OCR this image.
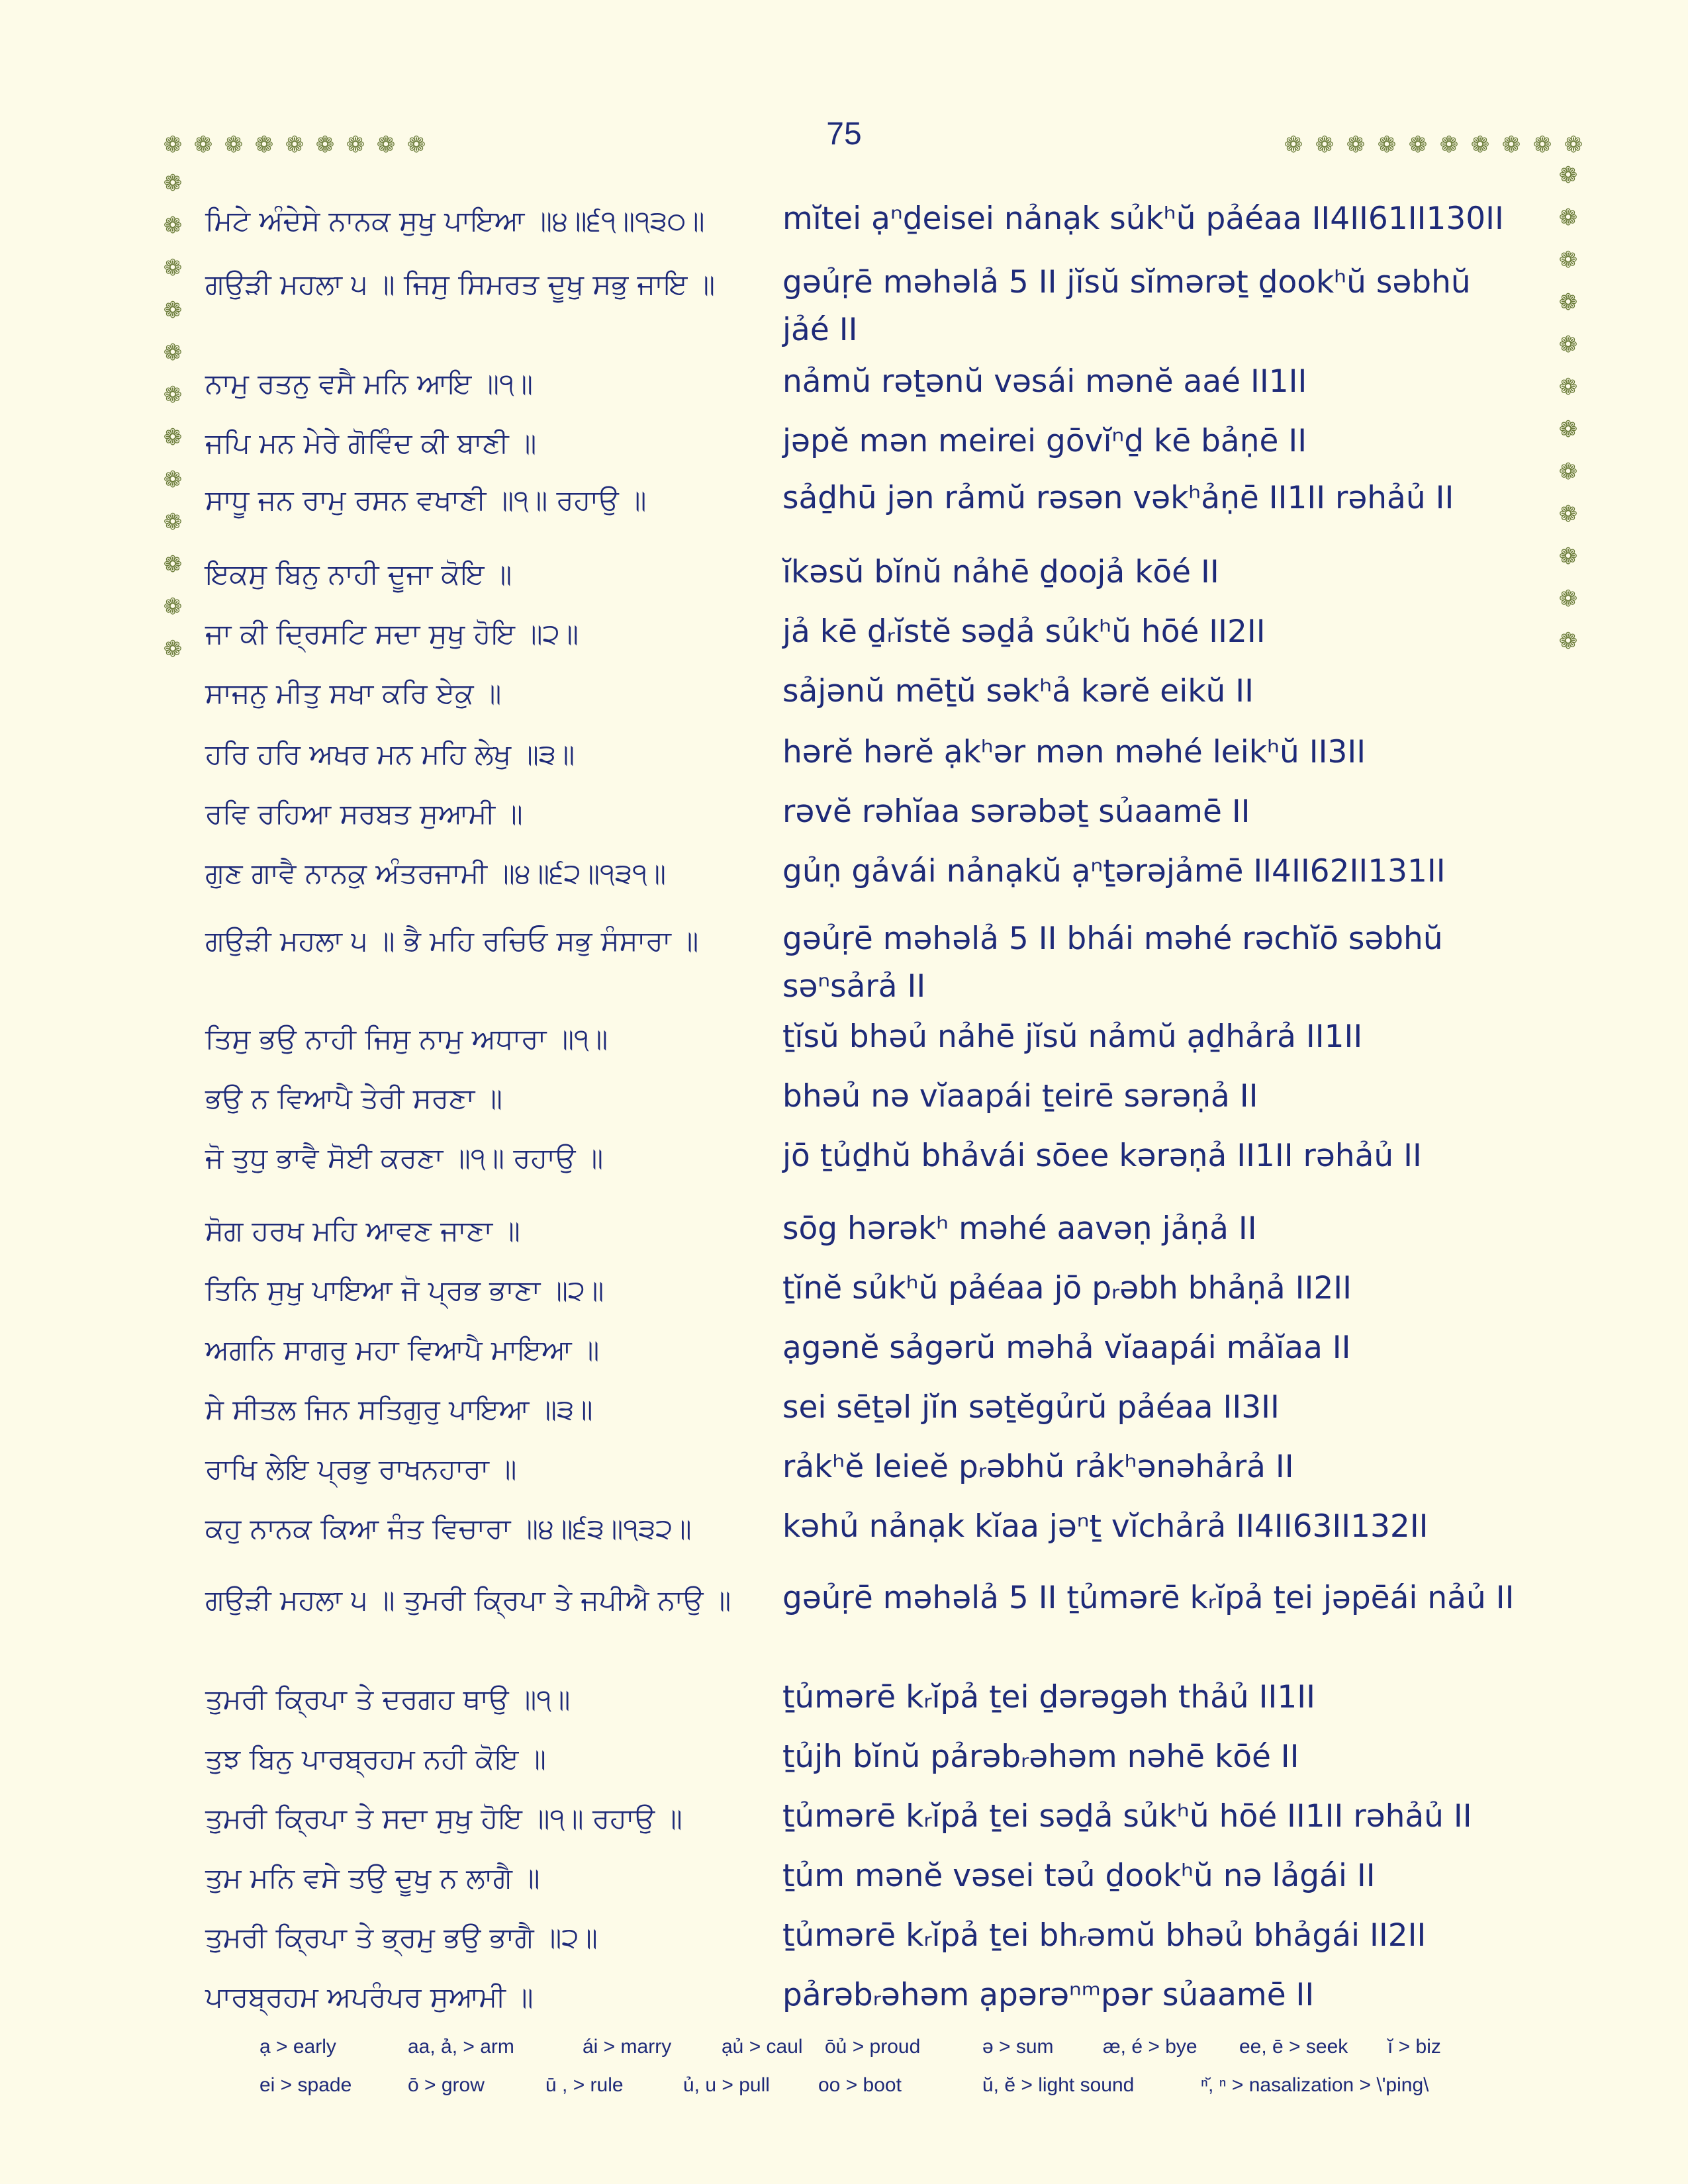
75
❁ ❁ ❁ ❁ ❁ ❁ ❁ ❁ ❁	❁ ❁ ❁ ❁ ❁ ❁ ❁ ❁ ❁ ❁
❁
❁
❁
❁
❁
❁
❁
❁
❁
❁
❁
❁
❁
❁
❁
❁
❁
❁
❁
❁
❁
❁
❁
❁
ਮਿਟੇ ਅੰਦੇਸੇ ਨਾਨਕ ਸੁਖੁ ਪਾਇਆ ॥੪॥੬੧॥੧੩੦॥	mĭtei ạⁿḏeisei nảnạk sủkʰŭ pảéaa II4II61II130II
ਗਉੜੀ ਮਹਲਾ ੫ ॥ ਜਿਸੁ ਸਿਮਰਤ ਦੂਖੁ ਸਭੁ ਜਾਇ ॥	gəủṛē məhəlả 5 II jĭsŭ sĭmərəṯ ḏookʰŭ səbhŭ jảé II
ਨਾਮੁ ਰਤਨੁ ਵਸੈ ਮਨਿ ਆਇ ॥੧॥	nảmŭ rəṯənŭ vəsái mənĕ aaé II1II
ਜਪਿ ਮਨ ਮੇਰੇ ਗੋਵਿੰਦ ਕੀ ਬਾਣੀ ॥	jəpĕ mən meirei gōvĭⁿḏ kē bảṇē II
ਸਾਧੂ ਜਨ ਰਾਮੁ ਰਸਨ ਵਖਾਣੀ ॥੧॥ ਰਹਾਉ ॥	sảḏhū jən rảmŭ rəsən vəkʰảṇē II1II rəhảủ II
ਇਕਸੁ ਬਿਨੁ ਨਾਹੀ ਦੂਜਾ ਕੋਇ ॥	ĭkəsŭ bĭnŭ nảhē ḏoojả kōé II
ਜਾ ਕੀ ਦ੍ਰਿਸਟਿ ਸਦਾ ਸੁਖੁ ਹੋਇ ॥੨॥	jả kē ḏᵣĭstĕ səḏả sủkʰŭ hōé II2II
ਸਾਜਨੁ ਮੀਤੁ ਸਖਾ ਕਰਿ ਏਕੁ ॥	sảjənŭ mēṯŭ səkʰả kərĕ eikŭ II
ਹਰਿ ਹਰਿ ਅਖਰ ਮਨ ਮਹਿ ਲੇਖੁ ॥੩॥	hərĕ hərĕ ạkʰər mən məhé leikʰŭ II3II
ਰਵਿ ਰਹਿਆ ਸਰਬਤ ਸੁਆਮੀ ॥	rəvĕ rəhĭaa sərəbəṯ sủaamē II
ਗੁਣ ਗਾਵੈ ਨਾਨਕੁ ਅੰਤਰਜਾਮੀ ॥੪॥੬੨॥੧੩੧॥	gủṇ gảvái nảnạkŭ ạⁿṯərəjảmē II4II62II131II
ਗਉੜੀ ਮਹਲਾ ੫ ॥ ਭੈ ਮਹਿ ਰਚਿਓ ਸਭੁ ਸੰਸਾਰਾ ॥	gəủṛē məhəlả 5 II bhái məhé rəchĭō səbhŭ səⁿsảrả II
ਤਿਸੁ ਭਉ ਨਾਹੀ ਜਿਸੁ ਨਾਮੁ ਅਧਾਰਾ ॥੧॥	ṯĭsŭ bhəủ nảhē jĭsŭ nảmŭ ạḏhảrả II1II
ਭਉ ਨ ਵਿਆਪੈ ਤੇਰੀ ਸਰਣਾ ॥	bhəủ nə vĭaapái ṯeirē sərəṇả II
ਜੋ ਤੁਧੁ ਭਾਵੈ ਸੋਈ ਕਰਣਾ ॥੧॥ ਰਹਾਉ ॥	jō ṯủḏhŭ bhảvái sōee kərəṇả II1II rəhảủ II
ਸੋਗ ਹਰਖ ਮਹਿ ਆਵਣ ਜਾਣਾ ॥	sōg hərəkʰ məhé aavəṇ jảṇả II
ਤਿਨਿ ਸੁਖੁ ਪਾਇਆ ਜੋ ਪ੍ਰਭ ਭਾਣਾ ॥੨॥	ṯĭnĕ sủkʰŭ pảéaa jō pᵣəbh bhảṇả II2II
ਅਗਨਿ ਸਾਗਰੁ ਮਹਾ ਵਿਆਪੈ ਮਾਇਆ ॥	ạgənĕ sảgərŭ məhả vĭaapái mảĭaa II
ਸੇ ਸੀਤਲ ਜਿਨ ਸਤਿਗੁਰੁ ਪਾਇਆ ॥੩॥	sei sēṯəl jĭn səṯĕgủrŭ pảéaa II3II
ਰਾਖਿ ਲੇਇ ਪ੍ਰਭੁ ਰਾਖਨਹਾਰਾ ॥	rảkʰĕ leieĕ pᵣəbhŭ rảkʰənəhảrả II
ਕਹੁ ਨਾਨਕ ਕਿਆ ਜੰਤ ਵਿਚਾਰਾ ॥੪॥੬੩॥੧੩੨॥	kəhủ nảnạk kĭaa jəⁿṯ vĭchảrả II4II63II132II
ਗਉੜੀ ਮਹਲਾ ੫ ॥ ਤੁਮਰੀ ਕ੍ਰਿਪਾ ਤੇ ਜਪੀਐ ਨਾਉ ॥	gəủṛē məhəlả 5 II ṯủmərē kᵣĭpả ṯei jəpēái nảủ II
ਤੁਮਰੀ ਕ੍ਰਿਪਾ ਤੇ ਦਰਗਹ ਥਾਉ ॥੧॥	ṯủmərē kᵣĭpả ṯei ḏərəgəh thảủ II1II
ਤੁਝ ਬਿਨੁ ਪਾਰਬ੍ਰਹਮ ਨਹੀ ਕੋਇ ॥	ṯủjh bĭnŭ pảrəbᵣəhəm nəhē kōé II
ਤੁਮਰੀ ਕ੍ਰਿਪਾ ਤੇ ਸਦਾ ਸੁਖੁ ਹੋਇ ॥੧॥ ਰਹਾਉ ॥	ṯủmərē kᵣĭpả ṯei səḏả sủkʰŭ hōé II1II rəhảủ II
ਤੁਮ ਮਨਿ ਵਸੇ ਤਉ ਦੂਖੁ ਨ ਲਾਗੈ ॥	ṯủm mənĕ vəsei təủ ḏookʰŭ nə lảgái II
ਤੁਮਰੀ ਕ੍ਰਿਪਾ ਤੇ ਭ੍ਰਮੁ ਭਉ ਭਾਗੈ ॥੨॥	ṯủmərē kᵣĭpả ṯei bhᵣəmŭ bhəủ bhảgái II2II
ਪਾਰਬ੍ਰਹਮ ਅਪਰੰਪਰ ਸੁਆਮੀ ॥	pảrəbᵣəhəm ạpərəⁿᵐpər sủaamē II
ạ > early	aa, ả, > arm	ái > marry	ạủ > caul ōủ > proud	ə > sum æ, é > bye ee, ē > seek ĭ > biz
ei > spade	ō > grow	ū , > rule	ủ, u > pull oo > boot	ŭ, ĕ > light sound	ⁿ̆, ⁿ > nasalization > \'ping\
